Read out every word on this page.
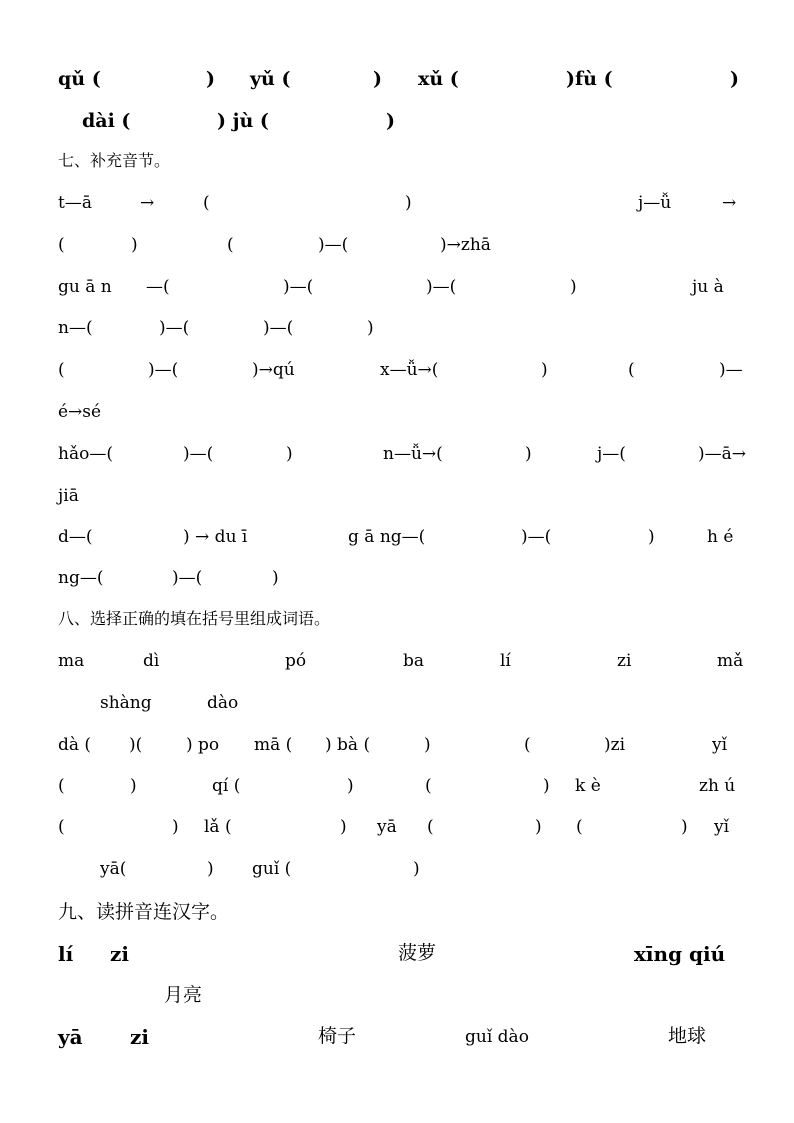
qǔ (	) yǔ (	) xǔ (	)fù (	)
dài (	) jù (	)
七、补充音节。
t—ā	→	(	)	j—ǚ	→
(	)	(	)—(	)→zhā
gu ā n —(	)—(	)—(	)	ju à
n—(	)—(	)—(	)
(	)—(	)→qú	x—ǚ→(	)	(	)—
é→sé
hǎo—(	)—(	)	n—ǚ→(	)	j—(	)—ā→
jiā
d—(	) → du ī	g ā ng—(	)—(	)	h é
ng—(	)—(	)
八、选择正确的填在括号里组成词语。
ma	dì	pó	ba	lí	zi	mǎ
shàng	dào
dà ( )(	) po mā ( ) bà (	)	(	)zi	yǐ
(	)	qí (	)	(	) k è	zh ú
(	) lǎ (	) yā (	) (	) yǐ
yā(	) guǐ (	)
九、读拼音连汉字。
lí zi	菠萝	xīng qiú
月亮
yā zi	椅子	guǐ dào	地球
